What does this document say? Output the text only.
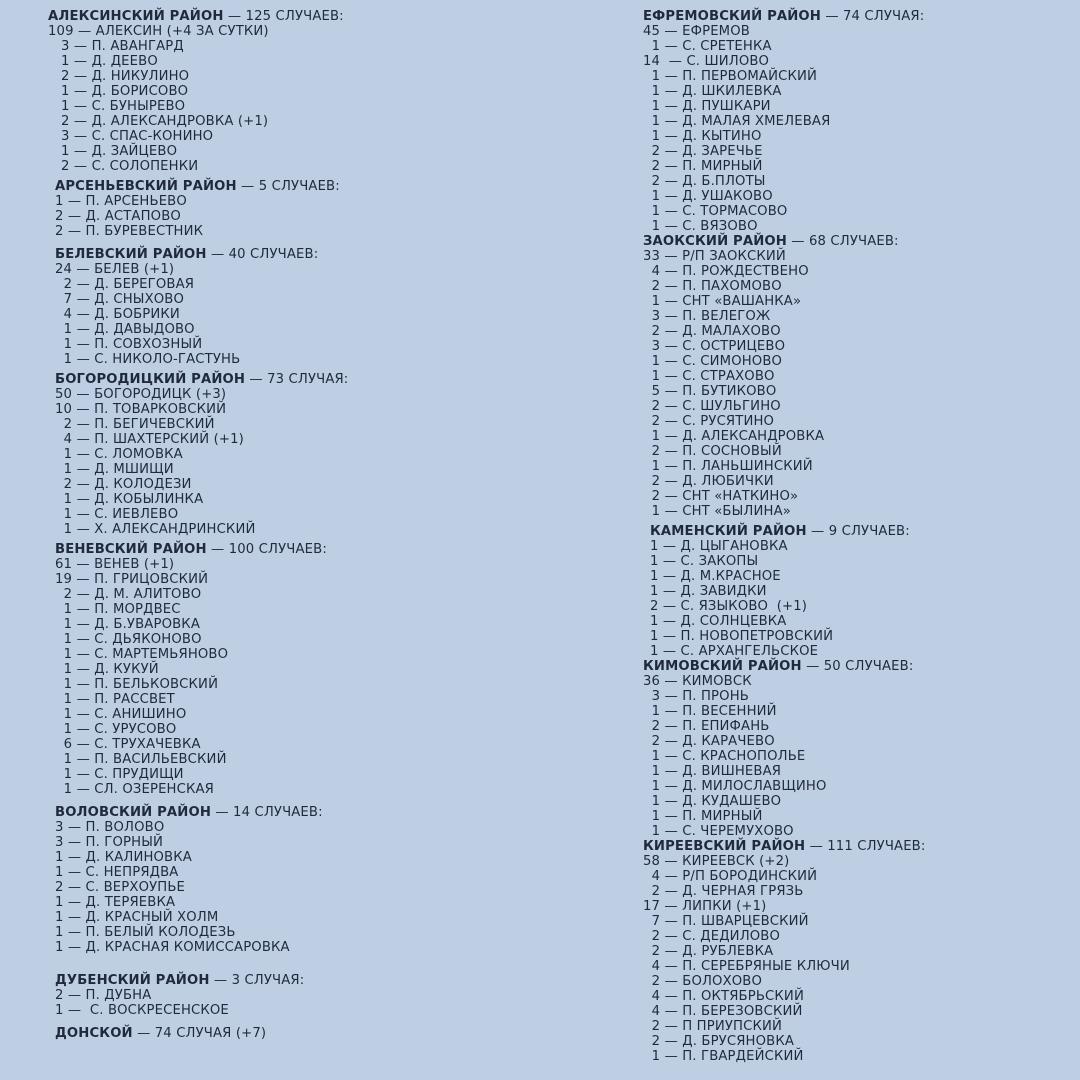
АЛЕКСИНСКИЙ РАЙОН — 125 СЛУЧАЕВ:
109 — АЛЕКСИН (+4 ЗА СУТКИ)
3 — П. АВАНГАРД
1 — Д. ДЕЕВО
2 — Д. НИКУЛИНО
1 — Д. БОРИСОВО
1 — С. БУНЫРЕВО
2 — Д. АЛЕКСАНДРОВКА (+1)
3 — С. СПАС-КОНИНО
1 — Д. ЗАЙЦЕВО
2 — С. СОЛОПЕНКИ
АРСЕНЬЕВСКИЙ РАЙОН — 5 СЛУЧАЕВ:
1 — П. АРСЕНЬЕВО
2 — Д. АСТАПОВО
2 — П. БУРЕВЕСТНИК
БЕЛЕВСКИЙ РАЙОН — 40 СЛУЧАЕВ:
24 — БЕЛЕВ (+1)
2 — Д. БЕРЕГОВАЯ
7 — Д. СНЫХОВО
4 — Д. БОБРИКИ
1 — Д. ДАВЫДОВО
1 — П. СОВХОЗНЫЙ
1 — С. НИКОЛО-ГАСТУНЬ
БОГОРОДИЦКИЙ РАЙОН — 73 СЛУЧАЯ:
50 — БОГОРОДИЦК (+3)
10 — П. ТОВАРКОВСКИЙ
2 — П. БЕГИЧЕВСКИЙ
4 — П. ШАХТЕРСКИЙ (+1)
1 — С. ЛОМОВКА
1 — Д. МШИЩИ
2 — Д. КОЛОДЕЗИ
1 — Д. КОБЫЛИНКА
1 — С. ИЕВЛЕВО
1 — Х. АЛЕКСАНДРИНСКИЙ
ВЕНЕВСКИЙ РАЙОН — 100 СЛУЧАЕВ:
61 — ВЕНЕВ (+1)
19 — П. ГРИЦОВСКИЙ
2 — Д. М. АЛИТОВО
1 — П. МОРДВЕС
1 — Д. Б.УВАРОВКА
1 — С. ДЬЯКОНОВО
1 — С. МАРТЕМЬЯНОВО
1 — Д. КУКУЙ
1 — П. БЕЛЬКОВСКИЙ
1 — П. РАССВЕТ
1 — С. АНИШИНО
1 — С. УРУСОВО
6 — С. ТРУХАЧЕВКА
1 — П. ВАСИЛЬЕВСКИЙ
1 — С. ПРУДИЩИ
1 — СЛ. ОЗЕРЕНСКАЯ
ВОЛОВСКИЙ РАЙОН — 14 СЛУЧАЕВ:
3 — П. ВОЛОВО
3 — П. ГОРНЫЙ
1 — Д. КАЛИНОВКА
1 — С. НЕПРЯДВА
2 — С. ВЕРХОУПЬЕ
1 — Д. ТЕРЯЕВКА
1 — Д. КРАСНЫЙ ХОЛМ
1 — П. БЕЛЫЙ КОЛОДЕЗЬ
1 — Д. КРАСНАЯ КОМИССАРОВКА
ДУБЕНСКИЙ РАЙОН — 3 СЛУЧАЯ:
2 — П. ДУБНА
1 —  С. ВОСКРЕСЕНСКОЕ
ДОНСКОЙ — 74 СЛУЧАЯ (+7)
ЕФРЕМОВСКИЙ РАЙОН — 74 СЛУЧАЯ:
45 — ЕФРЕМОВ
1 — С. СРЕТЕНКА
14  — С. ШИЛОВО
1 — П. ПЕРВОМАЙСКИЙ
1 — Д. ШКИЛЕВКА
1 — Д. ПУШКАРИ
1 — Д. МАЛАЯ ХМЕЛЕВАЯ
1 — Д. КЫТИНО
2 — Д. ЗАРЕЧЬЕ
2 — П. МИРНЫЙ
2 — Д. Б.ПЛОТЫ
1 — Д. УШАКОВО
1 — С. ТОРМАСОВО
1 — С. ВЯЗОВО
ЗАОКСКИЙ РАЙОН — 68 СЛУЧАЕВ:
33 — Р/П ЗАОКСКИЙ
4 — П. РОЖДЕСТВЕНО
2 — П. ПАХОМОВО
1 — СНТ «ВАШАНКА»
3 — П. ВЕЛЕГОЖ
2 — Д. МАЛАХОВО
3 — С. ОСТРИЦЕВО
1 — С. СИМОНОВО
1 — С. СТРАХОВО
5 — П. БУТИКОВО
2 — С. ШУЛЬГИНО
2 — С. РУСЯТИНО
1 — Д. АЛЕКСАНДРОВКА
2 — П. СОСНОВЫЙ
1 — П. ЛАНЬШИНСКИЙ
2 — Д. ЛЮБИЧКИ
2 — СНТ «НАТКИНО»
1 — СНТ «БЫЛИНА»
КАМЕНСКИЙ РАЙОН — 9 СЛУЧАЕВ:
1 — Д. ЦЫГАНОВКА
1 — С. ЗАКОПЫ
1 — Д. М.КРАСНОЕ
1 — Д. ЗАВИДКИ
2 — С. ЯЗЫКОВО  (+1)
1 — Д. СОЛНЦЕВКА
1 — П. НОВОПЕТРОВСКИЙ
1 — С. АРХАНГЕЛЬСКОЕ
КИМОВСКИЙ РАЙОН — 50 СЛУЧАЕВ:
36 — КИМОВСК
3 — П. ПРОНЬ
1 — П. ВЕСЕННИЙ
2 — П. ЕПИФАНЬ
2 — Д. КАРАЧЕВО
1 — С. КРАСНОПОЛЬЕ
1 — Д. ВИШНЕВАЯ
1 — Д. МИЛОСЛАВЩИНО
1 — Д. КУДАШЕВО
1 — П. МИРНЫЙ
1 — С. ЧЕРЕМУХОВО
КИРЕЕВСКИЙ РАЙОН — 111 СЛУЧАЕВ:
58 — КИРЕЕВСК (+2)
4 — Р/П БОРОДИНСКИЙ
2 — Д. ЧЕРНАЯ ГРЯЗЬ
17 — ЛИПКИ (+1)
7 — П. ШВАРЦЕВСКИЙ
2 — С. ДЕДИЛОВО
2 — Д. РУБЛЕВКА
4 — П. СЕРЕБРЯНЫЕ КЛЮЧИ
2 — БОЛОХОВО
4 — П. ОКТЯБРЬСКИЙ
4 — П. БЕРЕЗОВСКИЙ
2 — П ПРИУПСКИЙ
2 — Д. БРУСЯНОВКА
1 — П. ГВАРДЕЙСКИЙ
